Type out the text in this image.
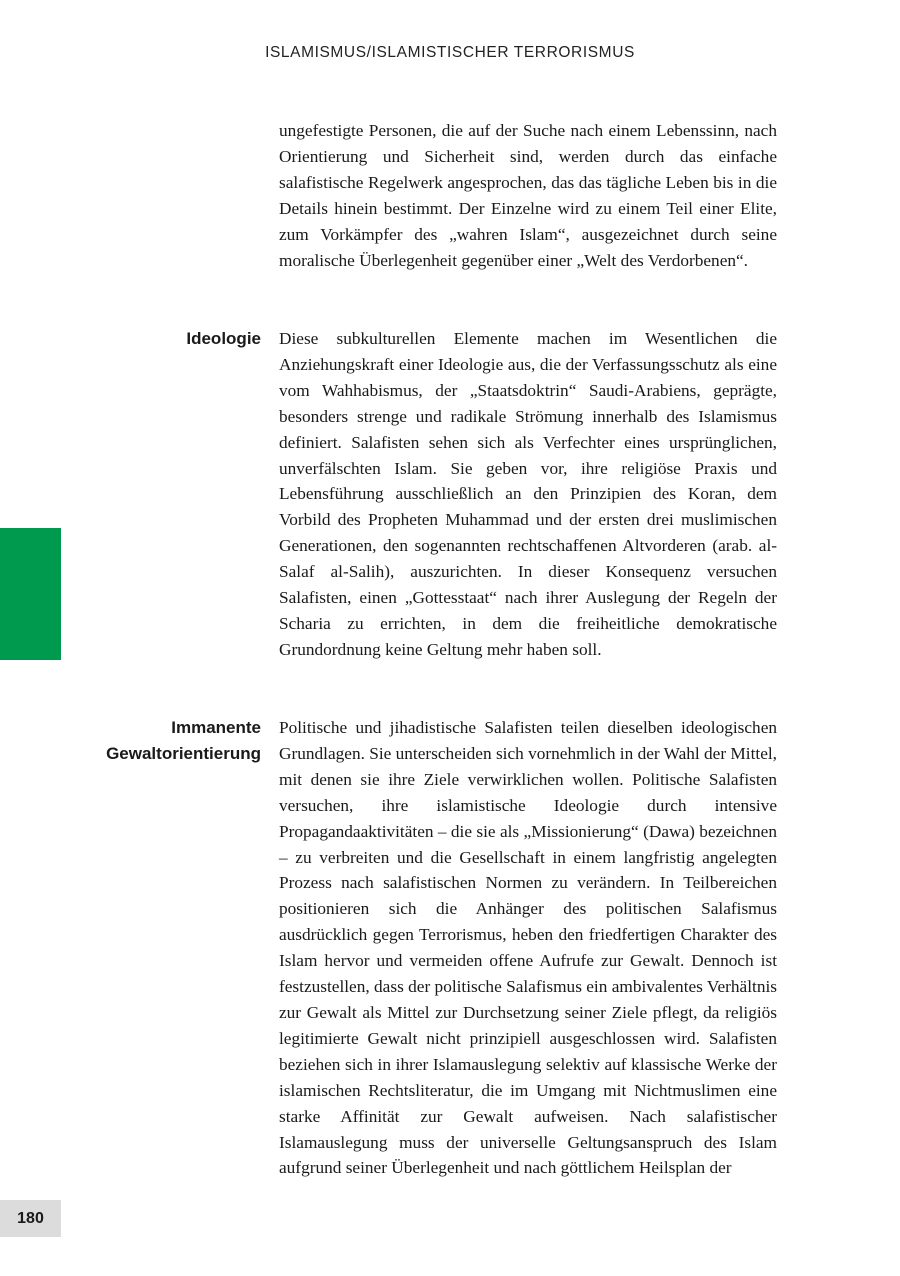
ISLAMISMUS/ISLAMISTISCHER TERRORISMUS

ungefestigte Personen, die auf der Suche nach einem Lebenssinn, nach Orientierung und Sicherheit sind, werden durch das einfache salafistische Regelwerk angesprochen, das das tägliche Leben bis in die Details hinein bestimmt. Der Einzelne wird zu einem Teil einer Elite, zum Vorkämpfer des „wahren Islam“, ausgezeichnet durch seine moralische Überlegenheit gegenüber einer „Welt des Verdorbenen“.

Ideologie Diese subkulturellen Elemente machen im Wesentlichen die Anziehungskraft einer Ideologie aus, die der Verfassungsschutz als eine vom Wahhabismus, der „Staatsdoktrin“ Saudi-Arabiens, geprägte, besonders strenge und radikale Strömung innerhalb des Islamismus definiert. Salafisten sehen sich als Verfechter eines ursprünglichen, unverfälschten Islam. Sie geben vor, ihre religiöse Praxis und Lebensführung ausschließlich an den Prinzipien des Koran, dem Vorbild des Propheten Muhammad und der ersten drei muslimischen Generationen, den sogenannten rechtschaffenen Altvorderen (arab. al-Salaf al-Salih), auszurichten. In dieser Konsequenz versuchen Salafisten, einen „Gottesstaat“ nach ihrer Auslegung der Regeln der Scharia zu errichten, in dem die freiheitliche demokratische Grundordnung keine Geltung mehr haben soll.

Immanente
Gewaltorientierung

Politische und jihadistische Salafisten teilen dieselben ideologischen Grundlagen. Sie unterscheiden sich vornehmlich in der Wahl der Mittel, mit denen sie ihre Ziele verwirklichen wollen. Politische Salafisten versuchen, ihre islamistische Ideologie durch intensive Propagandaaktivitäten – die sie als „Missionierung“ (Dawa) bezeichnen – zu verbreiten und die Gesellschaft in einem langfristig angelegten Prozess nach salafistischen Normen zu verändern. In Teilbereichen positionieren sich die Anhänger des politischen Salafismus ausdrücklich gegen Terrorismus, heben den friedfertigen Charakter des Islam hervor und vermeiden offene Aufrufe zur Gewalt. Dennoch ist festzustellen, dass der politische Salafismus ein ambivalentes Verhältnis zur Gewalt als Mittel zur Durchsetzung seiner Ziele pflegt, da religiös legitimierte Gewalt nicht prinzipiell ausgeschlossen wird. Salafisten beziehen sich in ihrer Islamauslegung selektiv auf klassische Werke der islamischen Rechtsliteratur, die im Umgang mit Nichtmuslimen eine starke Affinität zur Gewalt aufweisen. Nach salafistischer Islamauslegung muss der universelle Geltungsanspruch des Islam aufgrund seiner Überlegenheit und nach göttlichem Heilsplan der

180
